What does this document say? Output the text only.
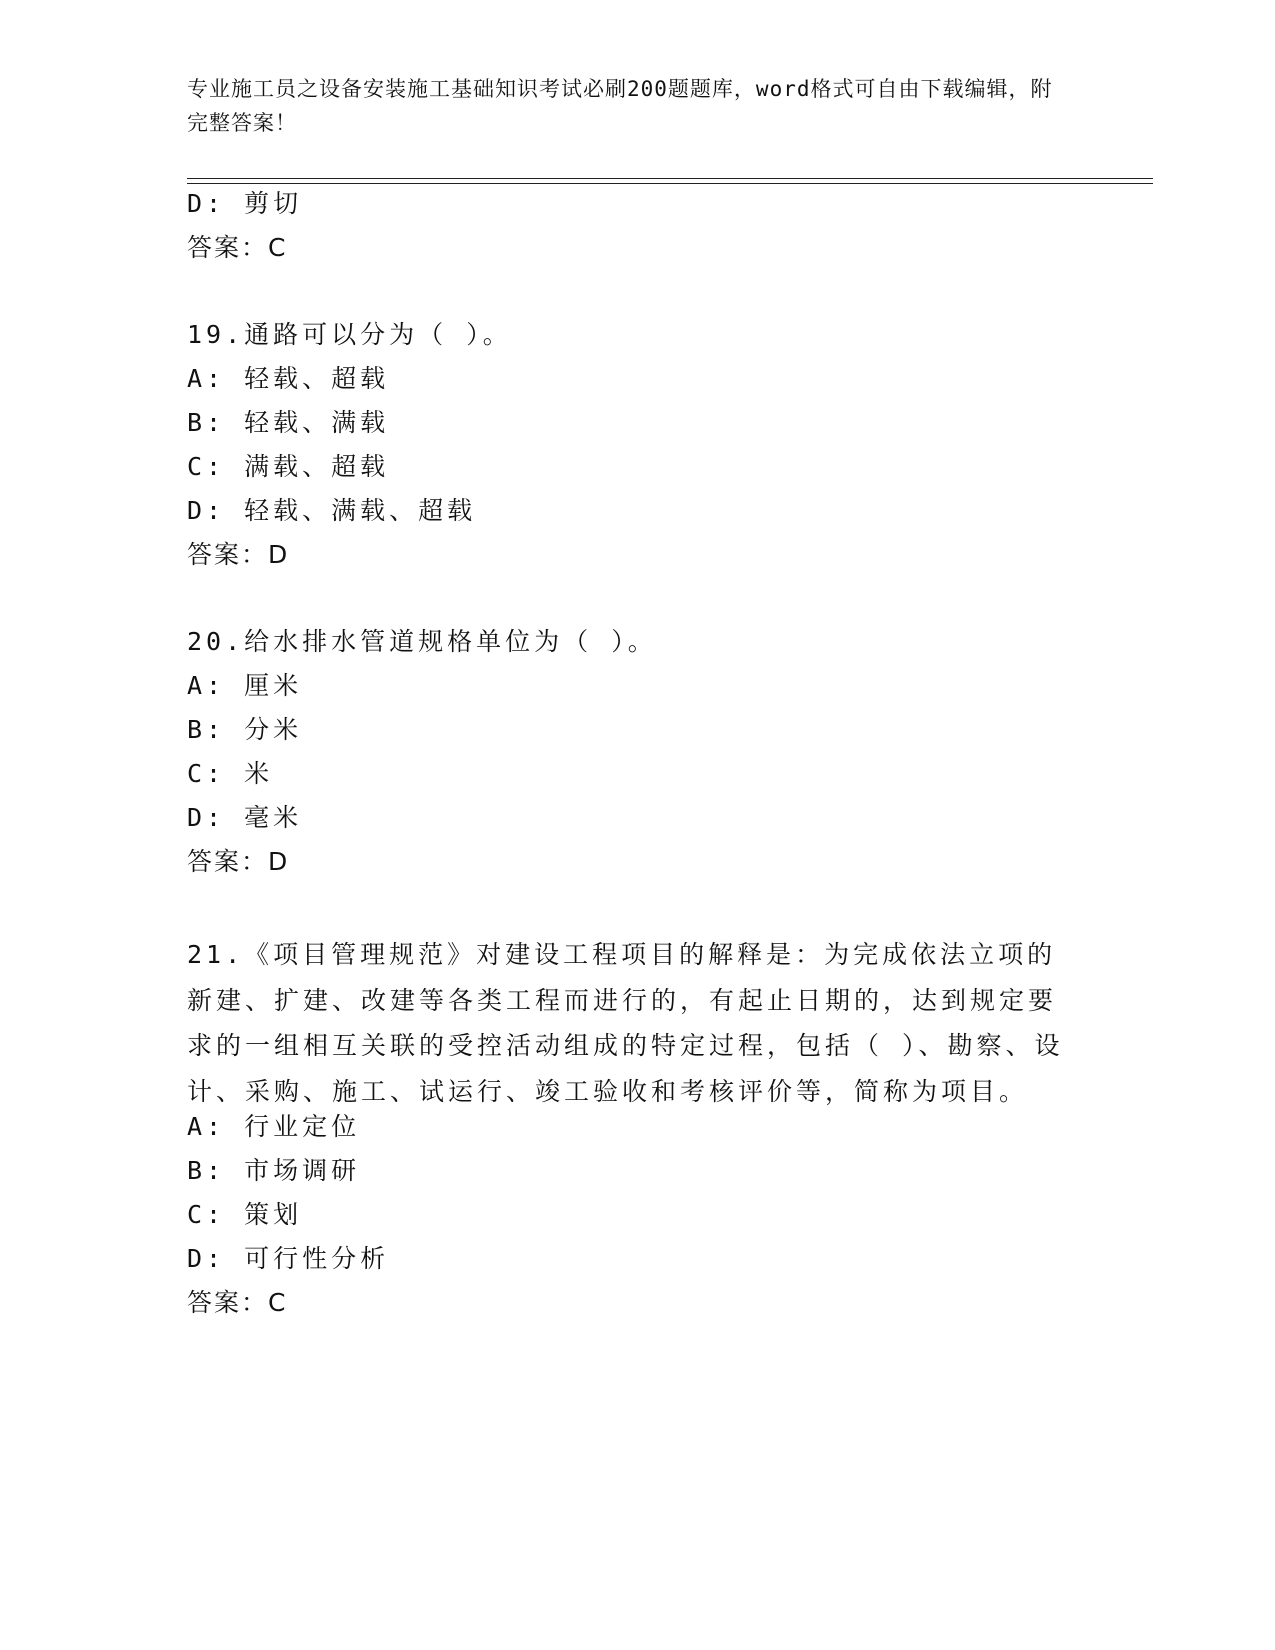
专业施工员之设备安装施工基础知识考试必刷200题题库，word格式可自由下载编辑，附完整答案！
D: 剪切
答案：C
19.通路可以分为（ ）。
A: 轻载、超载
B: 轻载、满载
C: 满载、超载
D: 轻载、满载、超载
答案：D
20.给水排水管道规格单位为（ ）。
A: 厘米
B: 分米
C: 米
D: 毫米
答案：D
21.《项目管理规范》对建设工程项目的解释是：为完成依法立项的新建、扩建、改建等各类工程而进行的，有起止日期的，达到规定要求的一组相互关联的受控活动组成的特定过程，包括（ ）、勘察、设计、采购、施工、试运行、竣工验收和考核评价等，简称为项目。
A: 行业定位
B: 市场调研
C: 策划
D: 可行性分析
答案：C
